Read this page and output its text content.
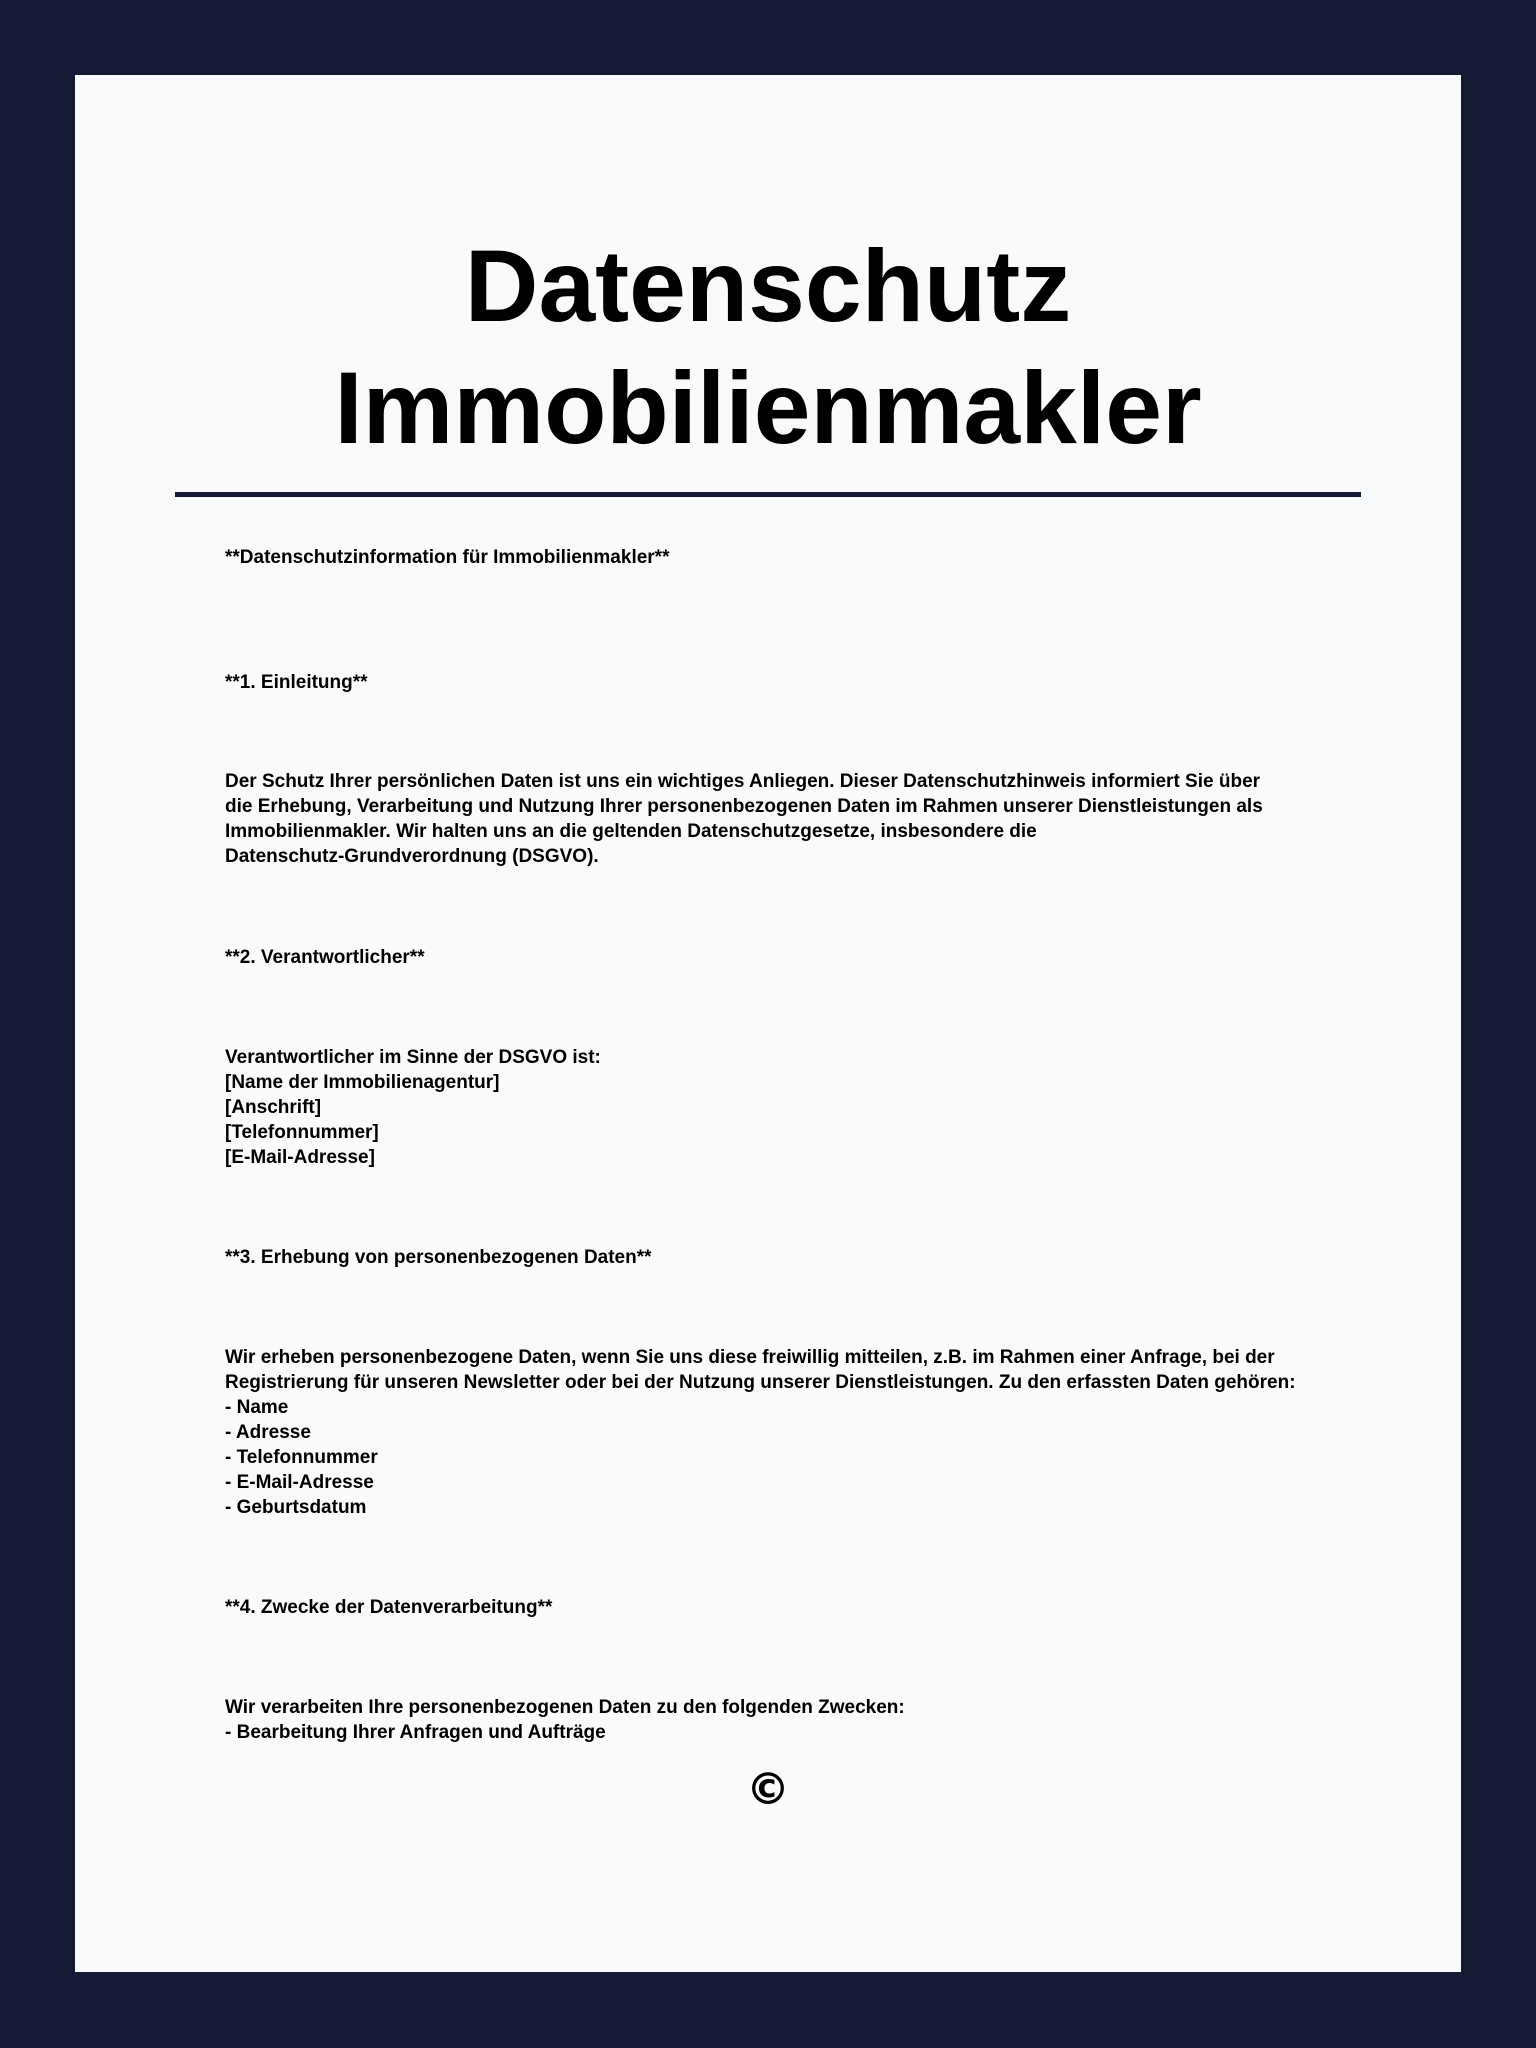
Datenschutz
Immobilienmakler

**Datenschutzinformation für Immobilienmakler**

**1. Einleitung**

Der Schutz Ihrer persönlichen Daten ist uns ein wichtiges Anliegen. Dieser Datenschutzhinweis informiert Sie über
die Erhebung, Verarbeitung und Nutzung Ihrer personenbezogenen Daten im Rahmen unserer Dienstleistungen als
Immobilienmakler. Wir halten uns an die geltenden Datenschutzgesetze, insbesondere die
Datenschutz-Grundverordnung (DSGVO).

**2. Verantwortlicher**

Verantwortlicher im Sinne der DSGVO ist:
[Name der Immobilienagentur]
[Anschrift]
[Telefonnummer]
[E-Mail-Adresse]

**3. Erhebung von personenbezogenen Daten**

Wir erheben personenbezogene Daten, wenn Sie uns diese freiwillig mitteilen, z.B. im Rahmen einer Anfrage, bei der
Registrierung für unseren Newsletter oder bei der Nutzung unserer Dienstleistungen. Zu den erfassten Daten gehören:
- Name
- Adresse
- Telefonnummer
- E-Mail-Adresse
- Geburtsdatum

**4. Zwecke der Datenverarbeitung**

Wir verarbeiten Ihre personenbezogenen Daten zu den folgenden Zwecken:
- Bearbeitung Ihrer Anfragen und Aufträge

©
